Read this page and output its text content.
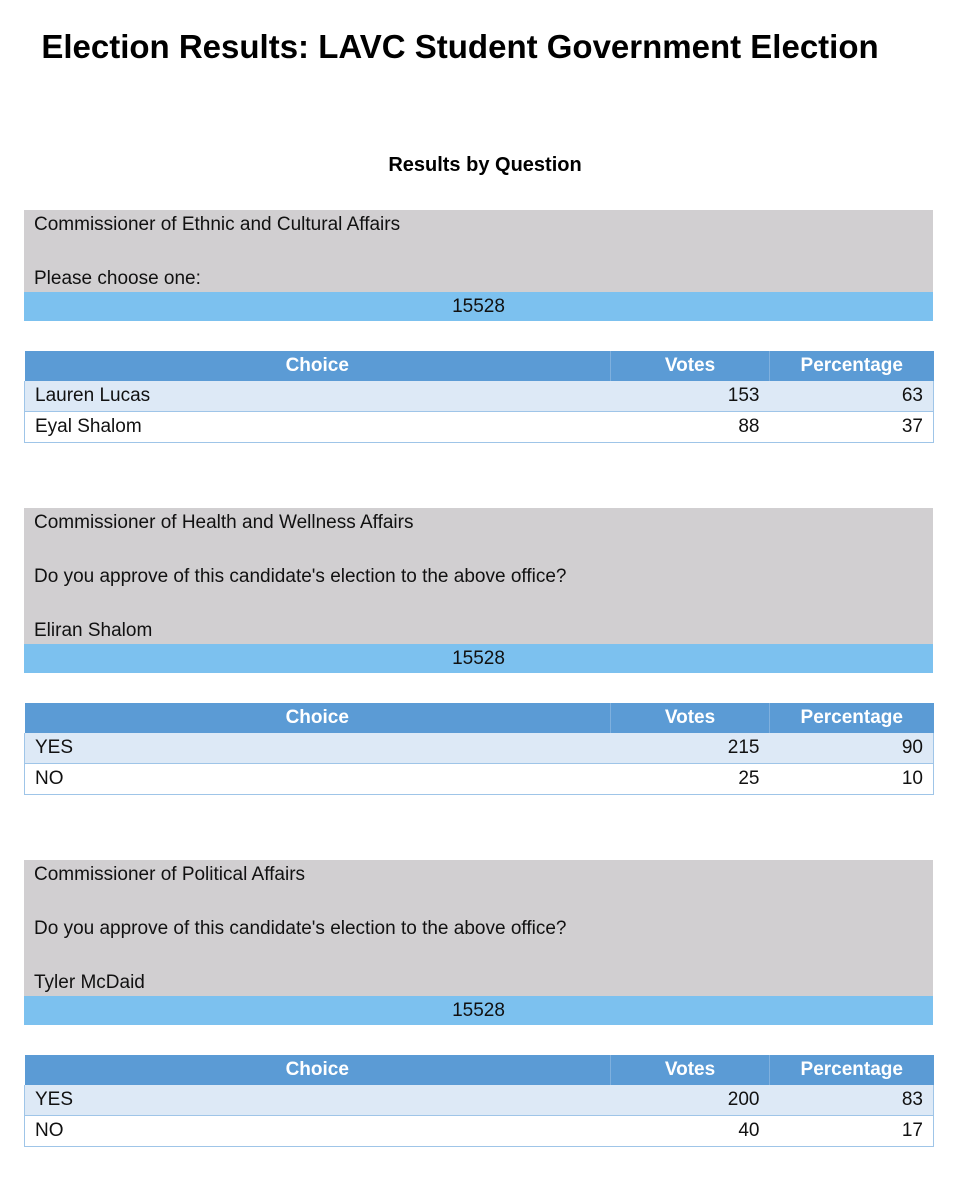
Election Results: LAVC Student Government Election
Results by Question
Commissioner of Ethnic and Cultural Affairs
Please choose one:
15528
Choice	Votes	Percentage
Lauren Lucas	153	63
Eyal Shalom	88	37
Commissioner of Health and Wellness Affairs
Do you approve of this candidate's election to the above office?
Eliran Shalom
15528
Choice	Votes	Percentage
YES	215	90
NO	25	10
Commissioner of Political Affairs
Do you approve of this candidate's election to the above office?
Tyler McDaid
15528
Choice	Votes	Percentage
YES	200	83
NO	40	17
